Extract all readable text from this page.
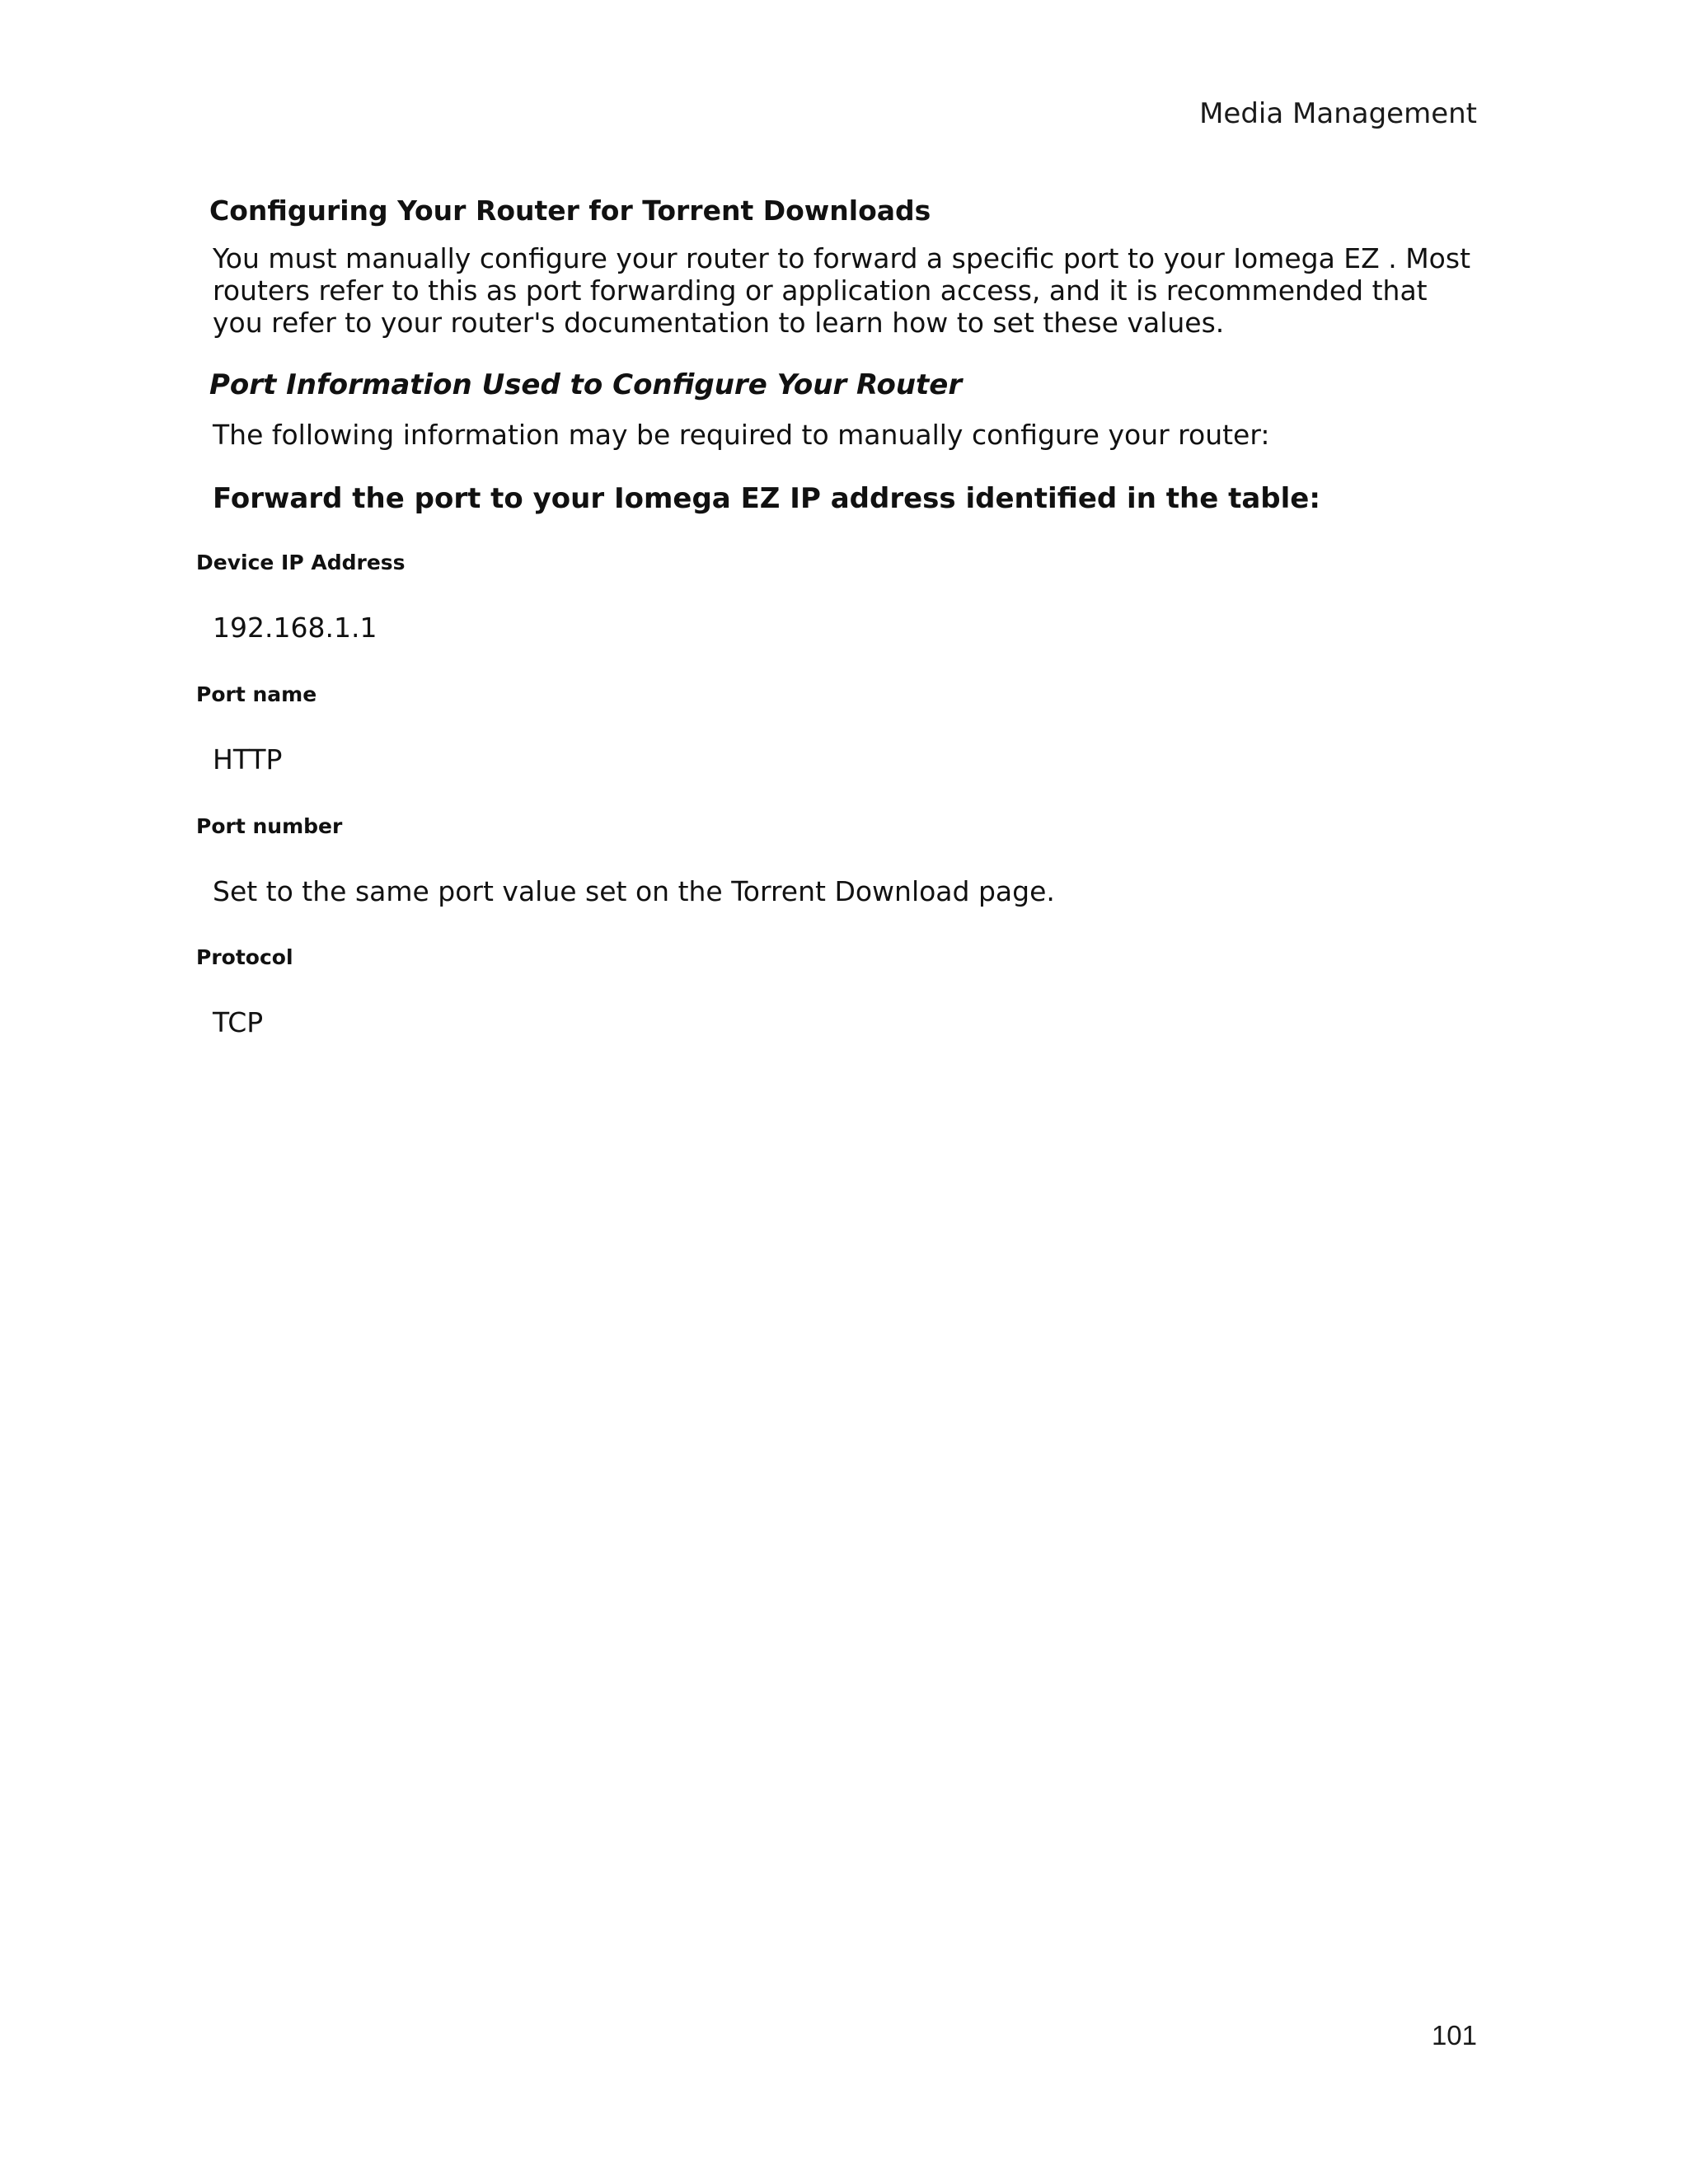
Media Management
Configuring Your Router for Torrent Downloads
You must manually configure your router to forward a specific port to your Iomega EZ . Most routers refer to this as port forwarding or application access, and it is recommended that you refer to your router's documentation to learn how to set these values.
Port Information Used to Configure Your Router
The following information may be required to manually configure your router:
Forward the port to your Iomega EZ IP address identified in the table:
Device IP Address
192.168.1.1
Port name
HTTP
Port number
Set to the same port value set on the Torrent Download page.
Protocol
TCP
101
